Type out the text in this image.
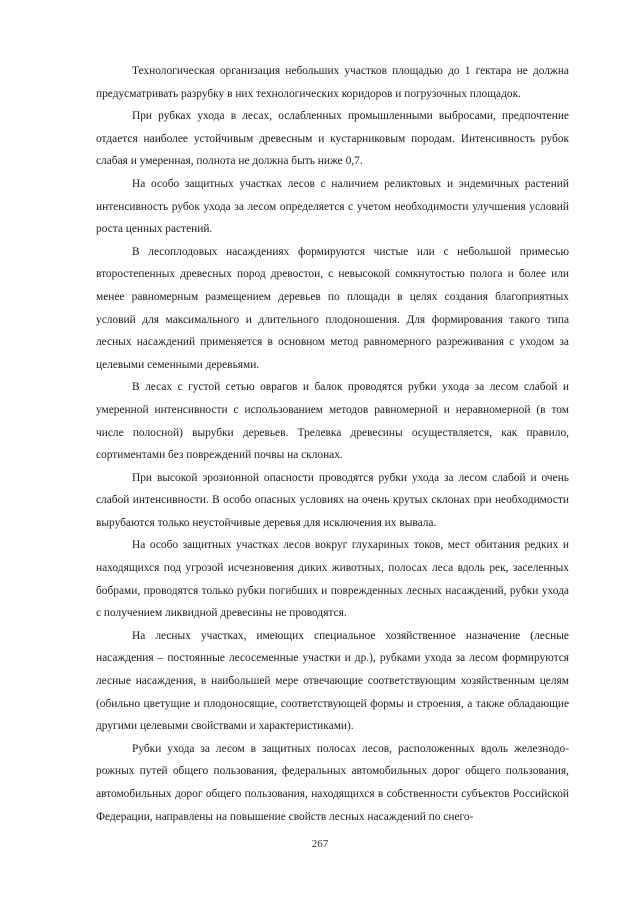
Технологическая организация небольших участков площадью до 1 гектара не должна предусматривать разрубку в них технологических коридоров и погрузочных площадок.

При рубках ухода в лесах, ослабленных промышленными выбросами, предпочтение отдается наиболее устойчивым древесным и кустарниковым породам. Интенсивность рубок слабая и умеренная, полнота не должна быть ниже 0,7.

На особо защитных участках лесов с наличием реликтовых и эндемичных растений интенсивность рубок ухода за лесом определяется с учетом необходимости улучшения условий роста ценных растений.

В лесоплодовых насаждениях формируются чистые или с небольшой примесью второстепенных древесных пород древостои, с невысокой сомкнутостью полога и более или менее равномерным размещением деревьев по площади в целях создания благоприятных условий для максимального и длительного плодоношения. Для формирования такого типа лесных насаждений применяется в основном метод равномерного разреживания с уходом за целевыми семенными деревьями.

В лесах с густой сетью оврагов и балок проводятся рубки ухода за лесом слабой и умеренной интенсивности с использованием методов равномерной и неравномерной (в том числе полосной) вырубки деревьев. Трелевка древесины осуществляется, как правило, сортиментами без повреждений почвы на склонах.

При высокой эрозионной опасности проводятся рубки ухода за лесом слабой и очень слабой интенсивности. В особо опасных условиях на очень крутых склонах при необходимости вырубаются только неустойчивые деревья для исключения их вывала.

На особо защитных участках лесов вокруг глухариных токов, мест обитания редких и находящихся под угрозой исчезновения диких животных, полосах леса вдоль рек, заселенных бобрами, проводятся только рубки погибших и поврежденных лесных насаждений, рубки ухода с получением ликвидной древесины не проводятся.

На лесных участках, имеющих специальное хозяйственное назначение (лесные насаждения – постоянные лесосеменные участки и др.), рубками ухода за лесом формируются лесные насаждения, в наибольшей мере отвечающие соответствующим хозяйственным целям (обильно цветущие и плодоносящие, соответствующей формы и строения, а также обладающие другими целевыми свойствами и характеристиками).

Рубки ухода за лесом в защитных полосах лесов, расположенных вдоль железнодорожных путей общего пользования, федеральных автомобильных дорог общего пользования, автомобильных дорог общего пользования, находящихся в собственности субъектов Российской Федерации, направлены на повышение свойств лесных насаждений по снего-

267
